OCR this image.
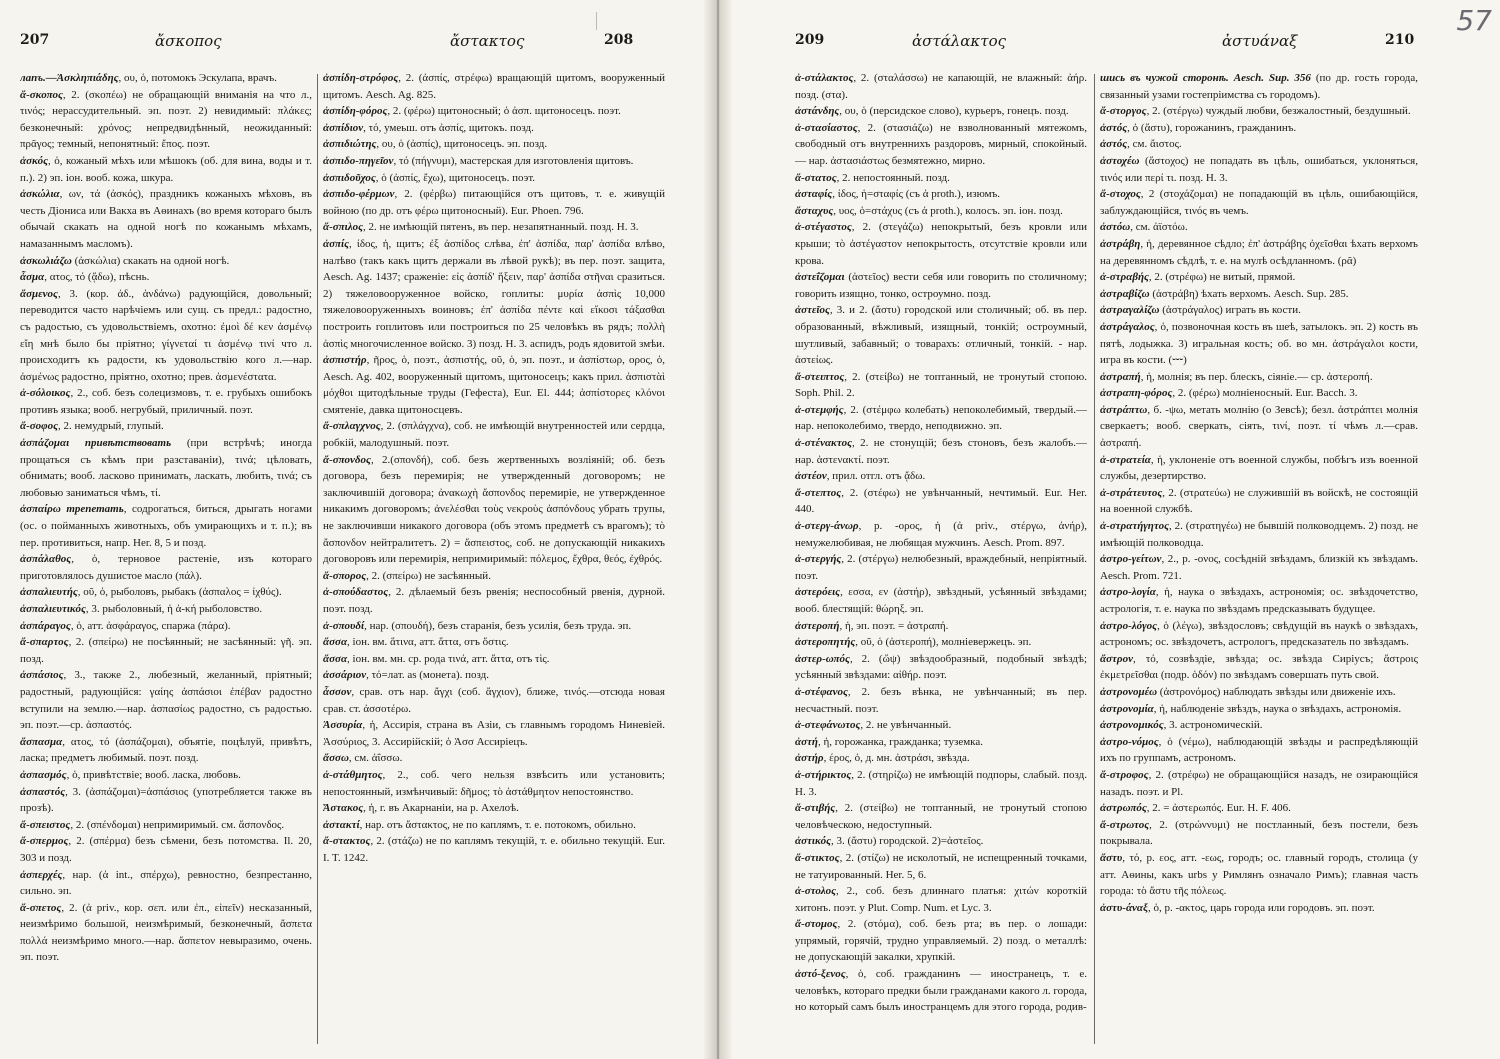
207	ἄσκοπος	ἄστακτος	208

лапъ.—Ἀσκληπιάδης, ου, ὁ, потомокъ Эскулапа, врачъ.

ἄ-σκοπος, 2. (σκοπέω) не обращающій вниманія на что л., τινός; нерассудительный. эп. поэт. 2) невидимый: πλάκες; безконечный: χρόνος; непредвидѣнный, неожиданный: πρᾶγος; темный, непонятный: ἔπος. поэт.

ἀσκός, ὁ, кожаный мѣхъ или мѣшокъ (об. для вина, воды и т. п.). 2) эп. іон. вооб. кожа, шкура.

ἀσκώλια, ων, τά (ἀσκός), праздникъ кожаныхъ мѣховъ, въ честь Діониса или Вакха въ Аѳинахъ (во время котораго былъ обычай скакать на одной ногѣ по кожанымъ мѣхамъ, намазаннымъ масломъ).

ἀσκωλιάζω (ἀσκώλια) скакать на одной ногѣ.

ἆσμα, ατος, τό (ᾄδω), пѣснь.

ἄσμενος, 3. (кор. ἀδ., ἁνδάνω) радующійся, довольный; переводится часто нарѣчіемъ или сущ. съ предл.: радостно, съ радостью, съ удовольствіемъ, охотно: ἐμοὶ δέ κεν ἀσμένῳ εἴη мнѣ было бы пріятно; γίγνεταί τι ἀσμένῳ τινί что л. происходитъ къ радости, къ удовольствію кого л.—нар. ἀσμένως радостно, пріятно, охотно; прев. ἀσμενέστατα.

ἀ-σόλοικος, 2., соб. безъ солецизмовъ, т. е. грубыхъ ошибокъ противъ языка; вооб. негрубый, приличный. поэт.

ἄ-σοφος, 2. немудрый, глупый.

ἀσπάζομαι привѣтствовать (при встрѣчѣ; иногда прощаться съ кѣмъ при разставаніи), τινά; цѣловать, обнимать; вооб. ласково принимать, ласкать, любить, τινά; съ любовью заниматься чѣмъ, τί.

ἀσπαίρω трепетать, содрогаться, биться, дрыгать ногами (ос. о пойманныхъ животныхъ, объ умирающихъ и т. п.); въ пер. противиться, напр. Her. 8, 5 и позд.

ἀσπάλαθος, ὁ, терновое растеніе, изъ котораго приготовлялось душистое масло (πάλ).

ἀσπαλιευτής, οῦ, ὁ, рыболовъ, рыбакъ (ἀσπαλος = ἰχθύς).

ἀσπαλιευτικός, 3. рыболовный, ἡ ἀ-κή рыболовство.

ἀσπάραγος, ὁ, атт. ἀσφάραγος, спаржа (πάρα).

ἄ-σπαρτος, 2. (σπείρω) не посѣянный; не засѣянный: γῆ. эп. позд.

ἀσπάσιος, 3., также 2., любезный, желанный, пріятный; радостный, радующійся: γαίης ἀσπάσιοι ἐπέβαν радостно вступили на землю.—нар. ἀσπασίως радостно, съ радостью. эп. поэт.—ср. ἀσπαστός.

ἄσπασμα, ατος, τό (ἀσπάζομαι), объятіе, поцѣлуй, привѣтъ, ласка; предметъ любимый. поэт. позд.

ἀσπασμός, ὁ, привѣтствіе; вооб. ласка, любовь.

ἀσπαστός, 3. (ἀσπάζομαι)=ἀσπάσιος (употребляется также въ прозѣ).

ἄ-σπειστος, 2. (σπένδομαι) непримиримый. см. ἄσπονδος.

ἄ-σπερμος, 2. (σπέρμα) безъ сѣмени, безъ потомства. Il. 20, 303 и позд.

ἀσπερχές, нар. (ἀ int., σπέρχω), ревностно, безпрестанно, сильно. эп.

ἄ-σπετος, 2. (ἀ priv., кор. σεπ. или ἐπ., εἰπεῖν) несказанный, неизмѣримо большой, неизмѣримый, безконечный, ἄσπετα πολλά неизмѣримо много.—нар. ἄσπετον невыразимо, очень. эп. поэт.

ἀσπίδη-στρόφος, 2. (ἀσπίς, στρέφω) вращающій щитомъ, вооруженный щитомъ. Aesch. Ag. 825.

ἀσπίδη-φόρος, 2. (φέρω) щитоносный; ὁ ἀσπ. щитоносецъ. поэт.

ἀσπίδιον, τό, умеьш. отъ ἀσπίς, щитокъ. позд.

ἀσπιδιώτης, ου, ὁ (ἀσπίς), щитоносецъ. эп. позд.

ἀσπιδο-πηγεῖον, τό (πήγνυμι), мастерская для изготовленія щитовъ.

ἀσπιδοῦχος, ὁ (ἀσπίς, ἔχω), щитоносецъ. поэт.

ἀσπιδο-φέρμων, 2. (φέρβω) питающійся отъ щитовъ, т. е. живущій войною (по др. отъ φέρω щитоносный). Eur. Phoen. 796.

ἄ-σπιλος, 2. не имѣющій пятенъ, въ пер. незапятнанный. позд. Н. 3.

ἀσπίς, ίδος, ἡ, щитъ; ἐξ ἀσπίδος слѣва, ἐπ' ἀσπίδα, παρ' ἀσπίδα влѣво, налѣво (такъ какъ щитъ держали въ лѣвой рукѣ); въ пер. поэт. защита, Aesch. Ag. 1437; сраженіе: εἰς ἀσπίδ' ἥξειν, παρ' ἀσπίδα στῆναι сразиться. 2) тяжеловооруженное войско, гоплиты: μυρία ἀσπὶς 10,000 тяжеловооруженныхъ воиновъ; ἐπ' ἀσπίδα πέντε καὶ εἴκοσι τάξασθαι построить гоплитовъ или построиться по 25 человѣкъ въ рядъ; πολλὴ ἀσπὶς многочисленное войско. 3) позд. Н. 3. аспидъ, родъ ядовитой змѣи.

ἀσπιστήρ, ῆρος, ὁ, поэт., ἀσπιστής, οῦ, ὁ, эп. поэт., и ἀσπίστωρ, ορος, ὁ, Aesch. Ag. 402, вооруженный щитомъ, щитоносецъ; какъ прил. ἀσπιστὰὶ μόχθοι щитодѣльные труды (Гефеста), Eur. El. 444; ἀσπίστορες κλόνοι смятеніе, давка щитоносцевъ.

ἄ-σπλαγχνος, 2. (σπλάγχνα), соб. не имѣющій внутренностей или сердца, робкій, малодушный. поэт.

ἄ-σπονδος, 2.(σπονδή), соб. безъ жертвенныхъ возліяній; об. безъ договора, безъ перемирія; не утвержденный договоромъ; не заключившій договора; ἀνακωχὴ ἄσπονδος перемиріе, не утвержденное никакимъ договоромъ; ἀνελέσθαι τοὺς νεκροὺς ἀσπόνδους убрать трупы, не заключивши никакого договора (объ этомъ предметѣ съ врагомъ); τὸ ἄσπονδον нейтралитетъ. 2) = ἄσπειστος, соб. не допускающій никакихъ договоровъ или перемирія, непримиримый: πόλεμος, ἔχθρα, θεός, ἐχθρός.

ἄ-σπορος, 2. (σπείρω) не засѣянный.

ἀ-σπούδαστος, 2. дѣлаемый безъ рвенія; неспособный рвенія, дурной. поэт. позд.

ἀ-σπουδί, нар. (σπουδή), безъ старанія, безъ усилія, безъ труда. эп.

ἄσσα, іон. вм. ἅτινα, атт. ἅττα, отъ ὅστις.

ἄσσα, іон. вм. мн. ср. рода τινά, атт. ἄττα, отъ τὶς.

ἀσσάριον, τό=лат. as (монета). позд.

ἆσσον, срав. отъ нар. ἄγχι (соб. ἄγχιον), ближе, τινός.—отсюда новая срав. ст. ἀσσοτέρω.

Ἀσσυρία, ἡ, Ассирія, страна въ Азіи, съ главнымъ городомъ Ниневіей. Ἀσσύριος, 3. Ассирійскій; ὁ Ἀσσ Ассиріецъ.

ἄσσω, см. ἀΐσσω.

ἀ-στάθμητος, 2., соб. чего нельзя взвѣсить или установить; непостоянный, измѣнчивый: δῆμος; τὸ ἀστάθμητον непостоянство.

Ἄστακος, ἡ, г. въ Акарнаніи, на р. Ахелоѣ.

ἀστακτί, нар. отъ ἄστακτος, не по каплямъ, т. е. потокомъ, обильно.

ἄ-στακτος, 2. (στάζω) не по каплямъ текущій, т. е. обильно текущій. Eur. I. T. 1242.

209	ἀστάλακτος	ἀστυάναξ	210
57

ἀ-στάλακτος, 2. (σταλάσσω) не капающій, не влажный: ἀήρ. позд. (στα).

ἀστάνδης, ου, ὁ (персидское слово), курьеръ, гонецъ. позд.

ἀ-στασίαστος, 2. (στασιάζω) не взволнованный мятежомъ, свободный отъ внутреннихъ раздоровъ, мирный, спокойный. — нар. ἀστασιάστως безмятежно, мирно.

ἄ-στατος, 2. непостоянный. позд.

ἀσταφίς, ίδος, ἡ=σταφίς (съ ἀ proth.), изюмъ.

ἄσταχυς, υος, ὁ=στάχυς (съ ἀ proth.), колосъ. эп. іон. позд.

ἀ-στέγαστος, 2. (στεγάζω) непокрытый, безъ кровли или крыши; τὸ ἀστέγαστον непокрытость, отсутствіе кровли или крова.

ἀστεΐζομαι (ἀστεῖος) вести себя или говорить по столичному; говорить изящно, тонко, остроумно. позд.

ἀστεῖος, 3. и 2. (ἄστυ) городской или столичный; об. въ пер. образованный, вѣжливый, изящный, тонкій; остроумный, шутливый, забавный; о товарахъ: отличный, тонкій. - нар. ἀστείως.

ἄ-στειπτος, 2. (στείβω) не топтанный, не тронутый стопою. Soph. Phil. 2.

ἀ-στεμφής, 2. (στέμφω колебать) непоколебимый, твердый.— нар. непоколебимо, твердо, неподвижно. эп.

ἀ-στένακτος, 2. не стонущій; безъ стоновъ, безъ жалобъ.—нар. ἀστενακτί. поэт.

ἀστέον, прил. отгл. отъ ᾄδω.

ἄ-στεπτος, 2. (στέφω) не увѣнчанный, нечтимый. Eur. Her. 440.

ἀ-στεργ-άνωρ, р. -ορος, ἡ (ἀ priv., στέργω, ἀνήρ), немужелюбивая, не любящая мужчинъ. Aesch. Prom. 897.

ἀ-στεργής, 2. (στέργω) нелюбезный, враждебный, непріятный. поэт.

ἀστερόεις, εσσα, εν (ἀστήρ), звѣздный, усѣянный звѣздами; вооб. блестящій: θώρηξ. эп.

ἀστεροπή, ἡ, эп. поэт. = ἀστραπή.

ἀστεροπητής, οῦ, ὁ (ἀστεροπή), молніевержецъ. эп.

ἀστερ-ωπός, 2. (ὤψ) звѣздообразный, подобный звѣздѣ; усѣянный звѣздами: αἰθήρ. поэт.

ἀ-στέφανος, 2. безъ вѣнка, не увѣнчанный; въ пер. несчастный. поэт.

ἀ-στεφάνωτος, 2. не увѣнчанный.

ἀστή, ἡ, горожанка, гражданка; туземка.

ἀστήρ, έρος, ὁ, д. мн. ἀστράσι, звѣзда.

ἀ-στήρικτος, 2. (στηρίζω) не имѣющій подпоры, слабый. позд. Н. 3.

ἄ-στιβής, 2. (στείβω) не топтанный, не тронутый стопою человѣческою, недоступный.

ἀστικός, 3. (ἄστυ) городской. 2)=ἀστεῖος.

ἄ-στικτος, 2. (στίζω) не исколотый, не испещренный точками, не татуированный. Her. 5, 6.

ἀ-στολος, 2., соб. безъ длиннаго платья: χιτών короткій хитонъ. поэт. у Plut. Comp. Num. et Lyc. 3.

ἄ-στομος, 2. (στόμα), соб. безъ рта; въ пер. о лошади: упрямый, горячій, трудно управляемый. 2) позд. о металлѣ: не допускающій закалки, хрупкій.

ἀστό-ξενος, ὁ, соб. гражданинъ — иностранецъ, т. е. человѣкъ, котораго предки были гражданами какого л. города, но который самъ былъ иностранцемъ для этого города, родив-

шись въ чужой сторонѣ. Aesch. Sup. 356 (по др. гость города, связанный узами гостепріимства съ городомъ).

ἄ-στοργος, 2. (στέργω) чуждый любви, безжалостный, бездушный.

ἀστός, ὁ (ἄστυ), горожанинъ, гражданинъ.

ἀστός, см. ἄιστος.

ἀστοχέω (ἄστοχος) не попадать въ цѣль, ошибаться, уклоняться, τινός или περί τι. позд. Н. 3.

ἄ-στοχος, 2 (στοχάζομαι) не попадающій въ цѣль, ошибающійся, заблуждающійся, τινός въ чемъ.

ἀστόω, см. ἀϊστόω.

ἀστράβη, ἡ, деревянное сѣдло; ἐπ' ἀστράβης ὀχεῖσθαι ѣхать верхомъ на деревянномъ сѣдлѣ, т. е. на мулѣ осѣдланномъ. (ρᾶ)

ἀ-στραβής, 2. (στρέφω) не витый, прямой.

ἀστραβίζω (ἀστράβη) ѣхать верхомъ. Aesch. Sup. 285.

ἀστραγαλίζω (ἀστράγαλος) играть въ кости.

ἀστράγαλος, ὁ, позвоночная кость въ шеѣ, затылокъ. эп. 2) кость въ пятѣ, лодыжка. 3) игральная кость; об. во мн. ἀστράγαλοι кости, игра въ кости. (⏑⏑⏑)

ἀστραπή, ἡ, молнія; въ пер. блескъ, сіяніе.— ср. ἀστεροπή.

ἀστραπη-φόρος, 2. (φέρω) молніеносный. Eur. Bacch. 3.

ἀστράπτω, б. -ψω, метать молнію (о Зевсѣ); безл. ἀστράπτει молнія сверкаетъ; вооб. сверкать, сіять, τινί, поэт. τί чѣмъ л.—срав. ἀστραπή.

ἀ-στρατεία, ἡ, уклоненіе отъ военной службы, побѣгъ изъ военной службы, дезертирство.

ἀ-στράτευτος, 2. (στρατεύω) не служившій въ войскѣ, не состоящій на военной службѣ.

ἀ-στρατήγητος, 2. (στρατηγέω) не бывшій полководцемъ. 2) позд. не имѣющій полководца.

ἀστρο-γείτων, 2., р. -ονος, сосѣдній звѣздамъ, близкій къ звѣздамъ. Aesch. Prom. 721.

ἀστρο-λογία, ἡ, наука о звѣздахъ, астрономія; ос. звѣздочетство, астрологія, т. е. наука по звѣздамъ предсказывать будущее.

ἀστρο-λόγος, ὁ (λέγω), звѣздословъ; свѣдущій въ наукѣ о звѣздахъ, астрономъ; ос. звѣздочетъ, астрологъ, предсказатель по звѣздамъ.

ἄστρον, τό, созвѣздіе, звѣзда; ос. звѣзда Сиріусъ; ἄστροις ἐκμετρεῖσθαι (подр. ὁδόν) по звѣздамъ совершать путь свой.

ἀστρονομέω (ἀστρονόμος) наблюдать звѣзды или движеніе ихъ.

ἀστρονομία, ἡ, наблюденіе звѣздъ, наука о звѣздахъ, астрономія.

ἀστρονομικός, 3. астрономическій.

ἀστρο-νόμος, ὁ (νέμω), наблюдающій звѣзды и распредѣляющій ихъ по группамъ, астрономъ.

ἄ-στροφος, 2. (στρέφω) не обращающійся назадъ, не озирающійся назадъ. поэт. и Pl.

ἀστρωπός, 2. = ἀστερωπός. Eur. H. F. 406.

ἄ-στρωτος, 2. (στρώννυμι) не постланный, безъ постели, безъ покрывала.

ἄστυ, τό, р. εος, атт. -εως, городъ; ос. главный городъ, столица (у атт. Аѳины, какъ urbs у Римлянъ означало Римъ); главная часть города: τὸ ἄστυ τῆς πόλεως.

ἀστυ-άναξ, ὁ, р. -ακτος, царь города или городовъ. эп. поэт.
